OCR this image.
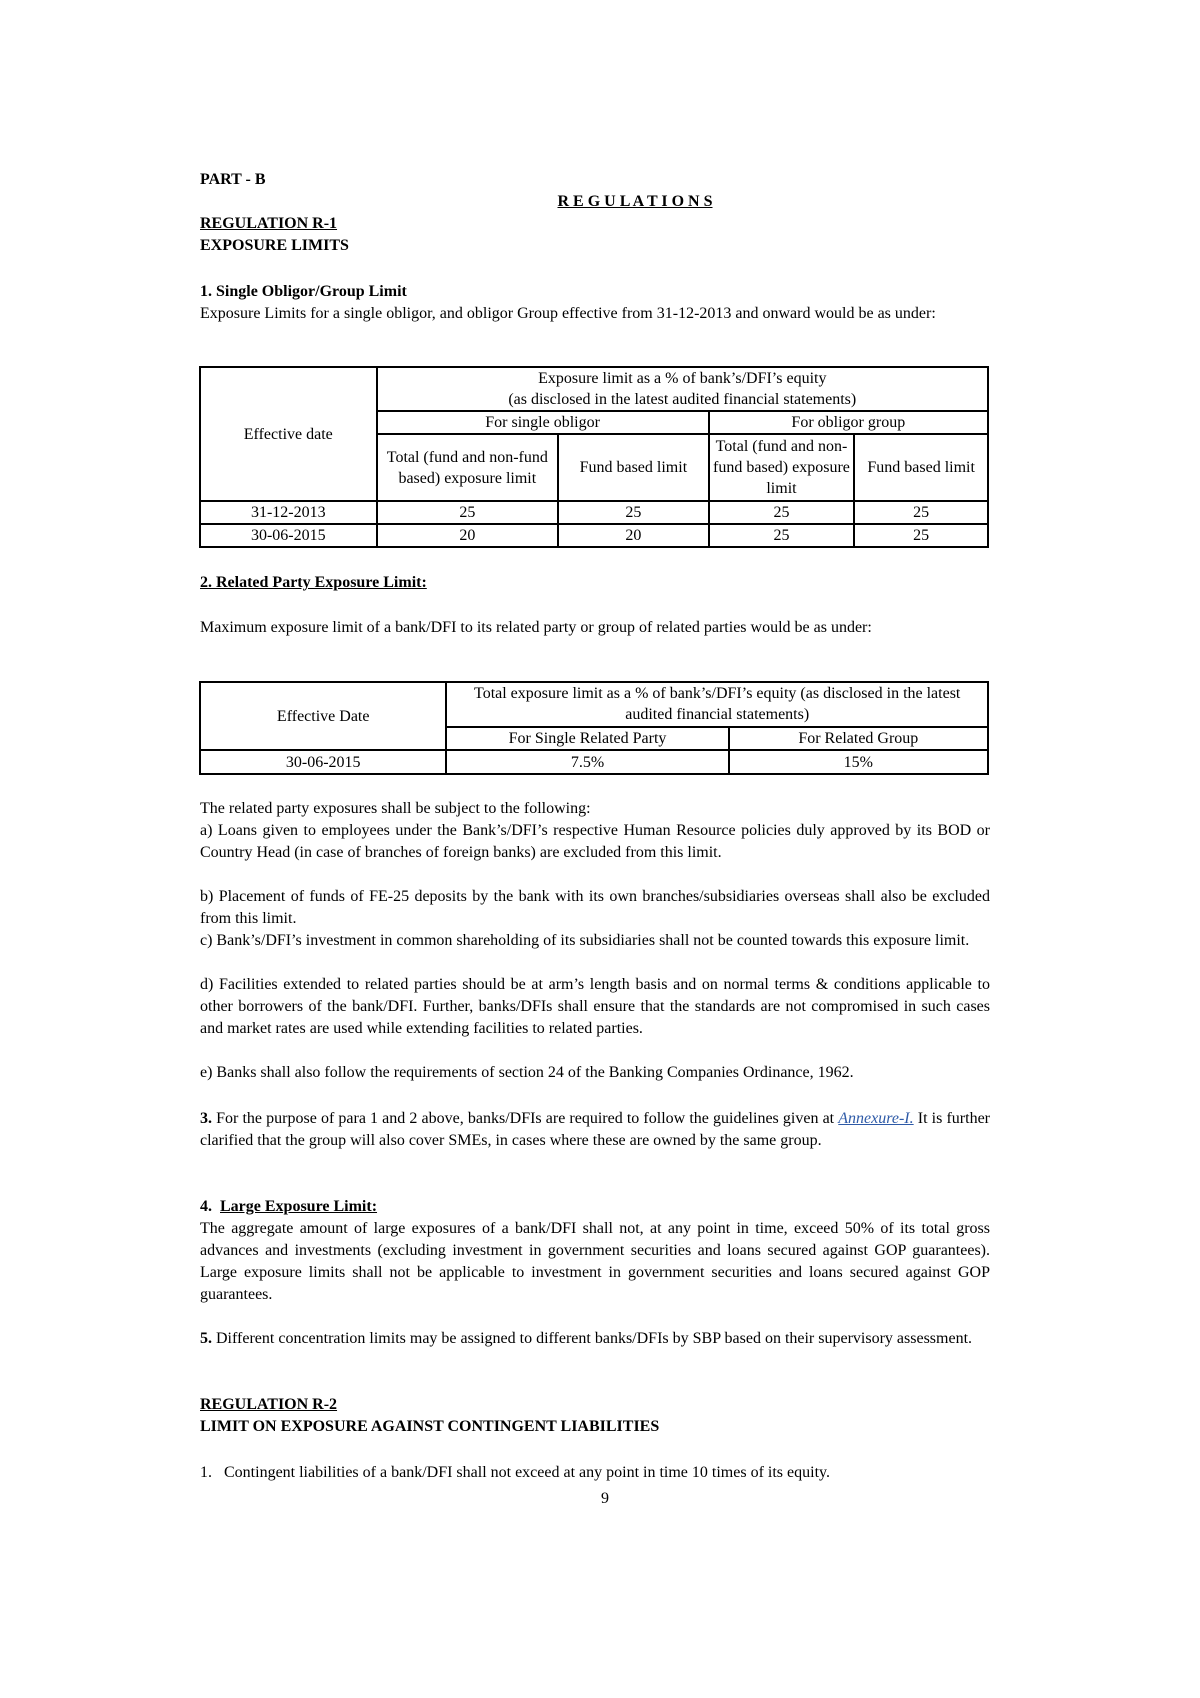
PART - B
R E G U L A T I O N S
REGULATION R-1
EXPOSURE LIMITS
1. Single Obligor/Group Limit
Exposure Limits for a single obligor, and obligor Group effective from 31-12-2013 and onward would be as under:
Effective date	Exposure limit as a % of bank’s/DFI’s equity
(as disclosed in the latest audited financial statements)			

	For single obligor		For obligor group	
	Total (fund and non-fund based) exposure limit	Fund based limit	Total (fund and non-fund based) exposure limit	Fund based limit
31-12-2013	25	25	25	25
30-06-2015	20	20	25	25
2. Related Party Exposure Limit:
Maximum exposure limit of a bank/DFI to its related party or group of related parties would be as under:
Effective Date	Total exposure limit as a % of bank’s/DFI’s equity (as disclosed in the latest audited financial statements)	
	For Single Related Party	For Related Group
30-06-2015	7.5%	15%
The related party exposures shall be subject to the following:
a) Loans given to employees under the Bank’s/DFI’s respective Human Resource policies duly approved by its BOD or Country Head (in case of branches of foreign banks) are excluded from this limit.
b) Placement of funds of FE-25 deposits by the bank with its own branches/subsidiaries overseas shall also be excluded from this limit.
c) Bank’s/DFI’s investment in common shareholding of its subsidiaries shall not be counted towards this exposure limit.
d) Facilities extended to related parties should be at arm’s length basis and on normal terms & conditions applicable to other borrowers of the bank/DFI. Further, banks/DFIs shall ensure that the standards are not compromised in such cases and market rates are used while extending facilities to related parties.
e) Banks shall also follow the requirements of section 24 of the Banking Companies Ordinance, 1962.
3. For the purpose of para 1 and 2 above, banks/DFIs are required to follow the guidelines given at Annexure-I. It is further clarified that the group will also cover SMEs, in cases where these are owned by the same group.
4. Large Exposure Limit:
The aggregate amount of large exposures of a bank/DFI shall not, at any point in time, exceed 50% of its total gross advances and investments (excluding investment in government securities and loans secured against GOP guarantees). Large exposure limits shall not be applicable to investment in government securities and loans secured against GOP guarantees.
5. Different concentration limits may be assigned to different banks/DFIs by SBP based on their supervisory assessment.
REGULATION R-2
LIMIT ON EXPOSURE AGAINST CONTINGENT LIABILITIES
1. Contingent liabilities of a bank/DFI shall not exceed at any point in time 10 times of its equity.
9
